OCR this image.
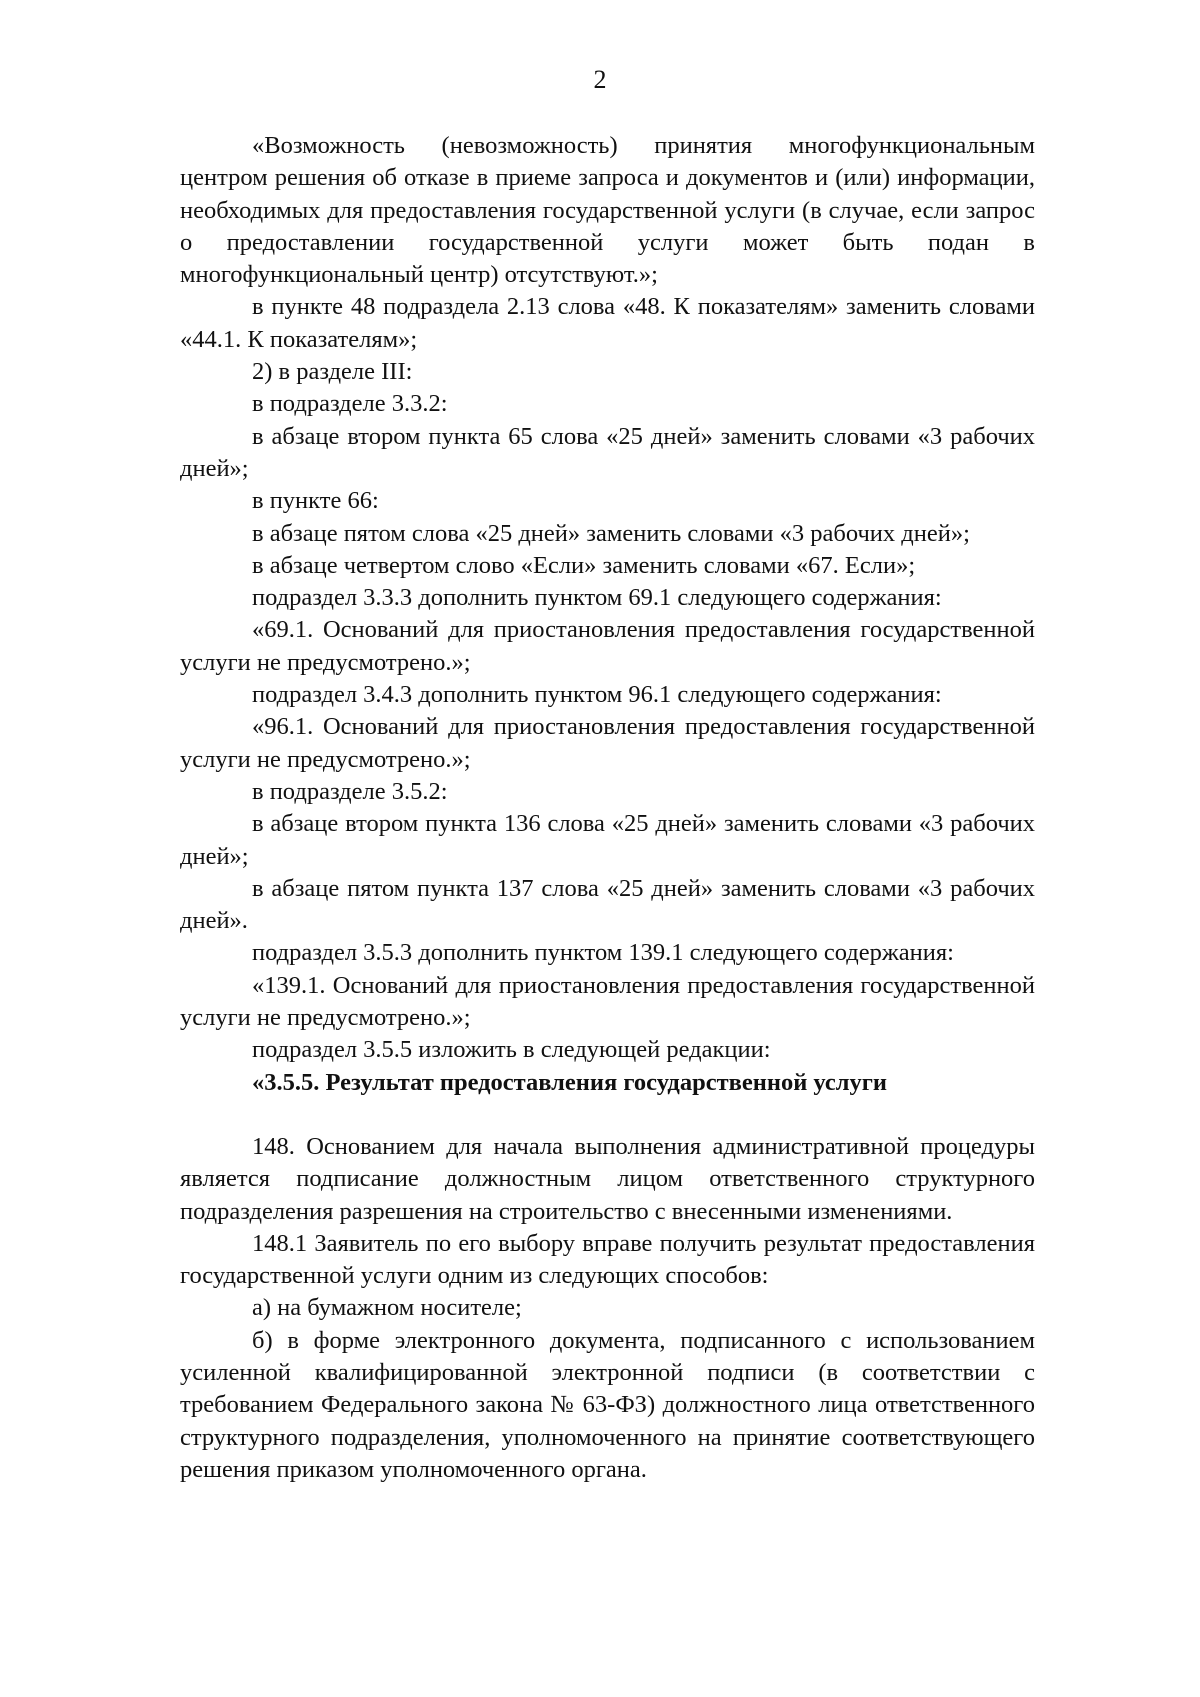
2

«Возможность (невозможность) принятия многофункциональным центром решения об отказе в приеме запроса и документов и (или) информации, необходимых для предоставления государственной услуги (в случае, если запрос о предоставлении государственной услуги может быть подан в многофункциональный центр) отсутствуют.»;

в пункте 48 подраздела 2.13 слова «48. К показателям» заменить словами «44.1. К показателям»;

2) в разделе III:

в подразделе 3.3.2:

в абзаце втором пункта 65 слова «25 дней» заменить словами «3 рабочих дней»;

в пункте 66:

в абзаце пятом слова «25 дней» заменить словами «3 рабочих дней»;

в абзаце четвертом слово «Если» заменить словами «67. Если»;

подраздел 3.3.3 дополнить пунктом 69.1 следующего содержания:

«69.1. Оснований для приостановления предоставления государственной услуги не предусмотрено.»;

подраздел 3.4.3 дополнить пунктом 96.1 следующего содержания:

«96.1. Оснований для приостановления предоставления государственной услуги не предусмотрено.»;

в подразделе 3.5.2:

в абзаце втором пункта 136 слова «25 дней» заменить словами «3 рабочих дней»;

в абзаце пятом пункта 137 слова «25 дней» заменить словами «3 рабочих дней».

подраздел 3.5.3 дополнить пунктом 139.1 следующего содержания:

«139.1. Оснований для приостановления предоставления государственной услуги не предусмотрено.»;

подраздел 3.5.5 изложить в следующей редакции:

«3.5.5. Результат предоставления государственной услуги

148. Основанием для начала выполнения административной процедуры является подписание должностным лицом ответственного структурного подразделения разрешения на строительство с внесенными изменениями.

148.1 Заявитель по его выбору вправе получить результат предоставления государственной услуги одним из следующих способов:

а) на бумажном носителе;

б) в форме электронного документа, подписанного с использованием усиленной квалифицированной электронной подписи (в соответствии с требованием Федерального закона № 63-ФЗ) должностного лица ответственного структурного подразделения, уполномоченного на принятие соответствующего решения приказом уполномоченного органа.
